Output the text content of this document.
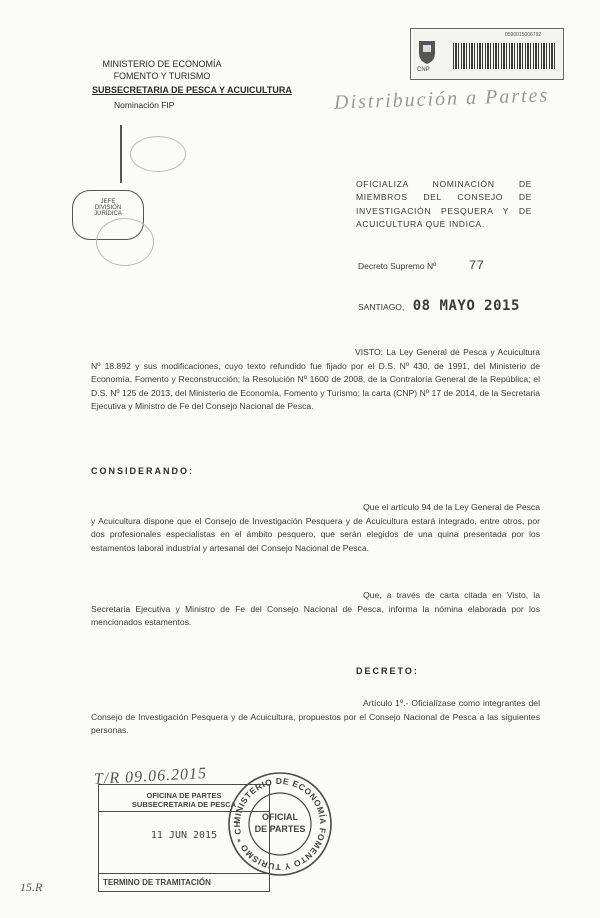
MINISTERIO DE ECONOMÍA
FOMENTO Y TURISMO
SUBSECRETARIA DE PESCA Y ACUICULTURA
Nominación FIP
CNP
0590015006792
Distribución a Partes
JEFE
DIVISIÓN
JURÍDICA
OFICIALIZA NOMINACIÓN DE MIEMBROS DEL CONSEJO DE INVESTIGACIÓN PESQUERA Y DE ACUICULTURA QUE INDICA.
Decreto Supremo Nº 77
SANTIAGO, 08 MAYO 2015
VISTO: La Ley General de Pesca y Acuicultura Nº 18.892 y sus modificaciones, cuyo texto refundido fue fijado por el D.S. Nº 430, de 1991, del Ministerio de Economía, Fomento y Reconstrucción; la Resolución Nº 1600 de 2008, de la Contraloría General de la República; el D.S. Nº 125 de 2013, del Ministerio de Economía, Fomento y Turismo; la carta (CNP) Nº 17 de 2014, de la Secretaria Ejecutiva y Ministro de Fe del Consejo Nacional de Pesca.
CONSIDERANDO:
Que el artículo 94 de la Ley General de Pesca y Acuicultura dispone que el Consejo de Investigación Pesquera y de Acuicultura estará integrado, entre otros, por dos profesionales especialistas en el ámbito pesquero, que serán elegidos de una quina presentada por los estamentos laboral industrial y artesanal del Consejo Nacional de Pesca.
Que, a través de carta citada en Visto, la Secretaria Ejecutiva y Ministro de Fe del Consejo Nacional de Pesca, informa la nómina elaborada por los mencionados estamentos.
DECRETO:
Artículo 1º.- Oficialízase como integrantes del Consejo de Investigación Pesquera y de Acuicultura, propuestos por el Consejo Nacional de Pesca a las siguientes personas.
T/R 09.06.2015
OFICINA DE PARTES
SUBSECRETARIA DE PESCA
11 JUN 2015
TERMINO DE TRAMITACIÓN
MINISTERIO DE ECONOMÍA FOMENTO Y TURISMO * CH
OFICIAL
DE PARTES
15.R
